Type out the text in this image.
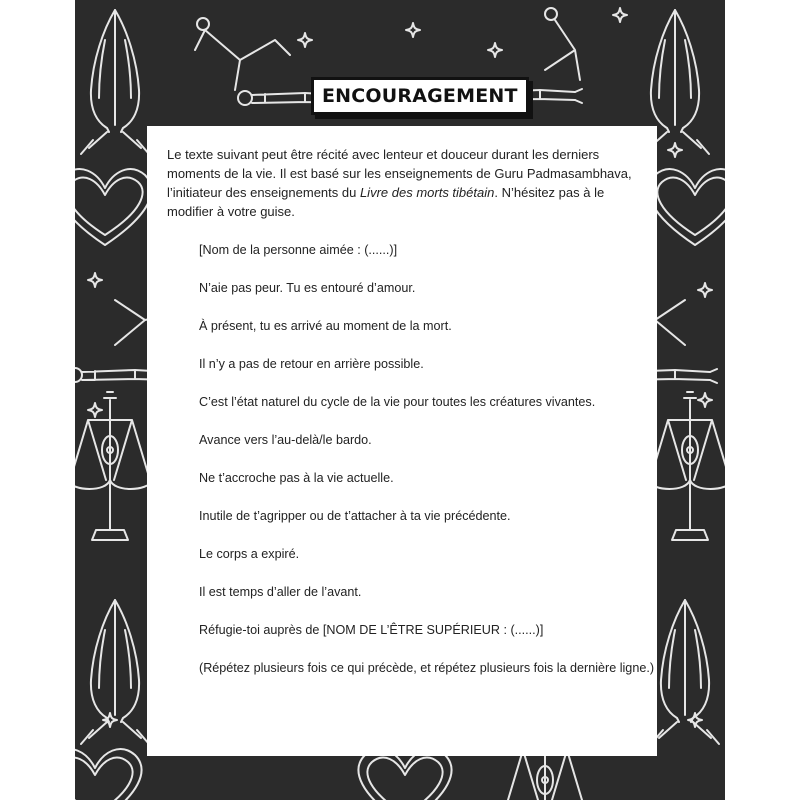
ENCOURAGEMENT

Le texte suivant peut être récité avec lenteur et douceur durant les derniers moments de la vie. Il est basé sur les enseignements de Guru Padmasambhava, l’initiateur des enseignements du Livre des morts tibétain. N’hésitez pas à le modifier à votre guise.

[Nom de la personne aimée : (......)]
N’aie pas peur. Tu es entouré d’amour.
À présent, tu es arrivé au moment de la mort.
Il n’y a pas de retour en arrière possible.
C’est l’état naturel du cycle de la vie pour toutes les créatures vivantes.
Avance vers l’au-delà/le bardo.
Ne t’accroche pas à la vie actuelle.
Inutile de t’agripper ou de t’attacher à ta vie précédente.
Le corps a expiré.
Il est temps d’aller de l’avant.
Réfugie-toi auprès de [NOM DE L’ÊTRE SUPÉRIEUR : (......)]
(Répétez plusieurs fois ce qui précède, et répétez plusieurs fois la dernière ligne.)
